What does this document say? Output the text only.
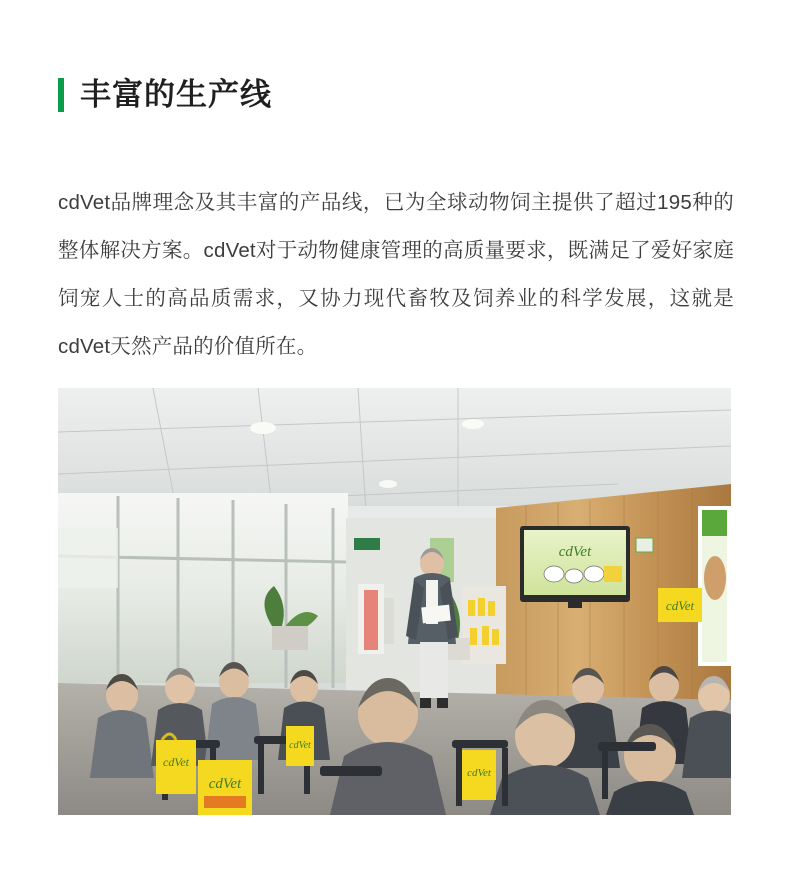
丰富的生产线

cdVet品牌理念及其丰富的产品线，已为全球动物饲主提供了超过195种的整体解决方案。cdVet对于动物健康管理的高质量要求，既满足了爱好家庭饲宠人士的高品质需求，又协力现代畜牧及饲养业的科学发展，这就是cdVet天然产品的价值所在。

cdVet
cdVet
cdVet
cdVet
cdVet
cdVet
